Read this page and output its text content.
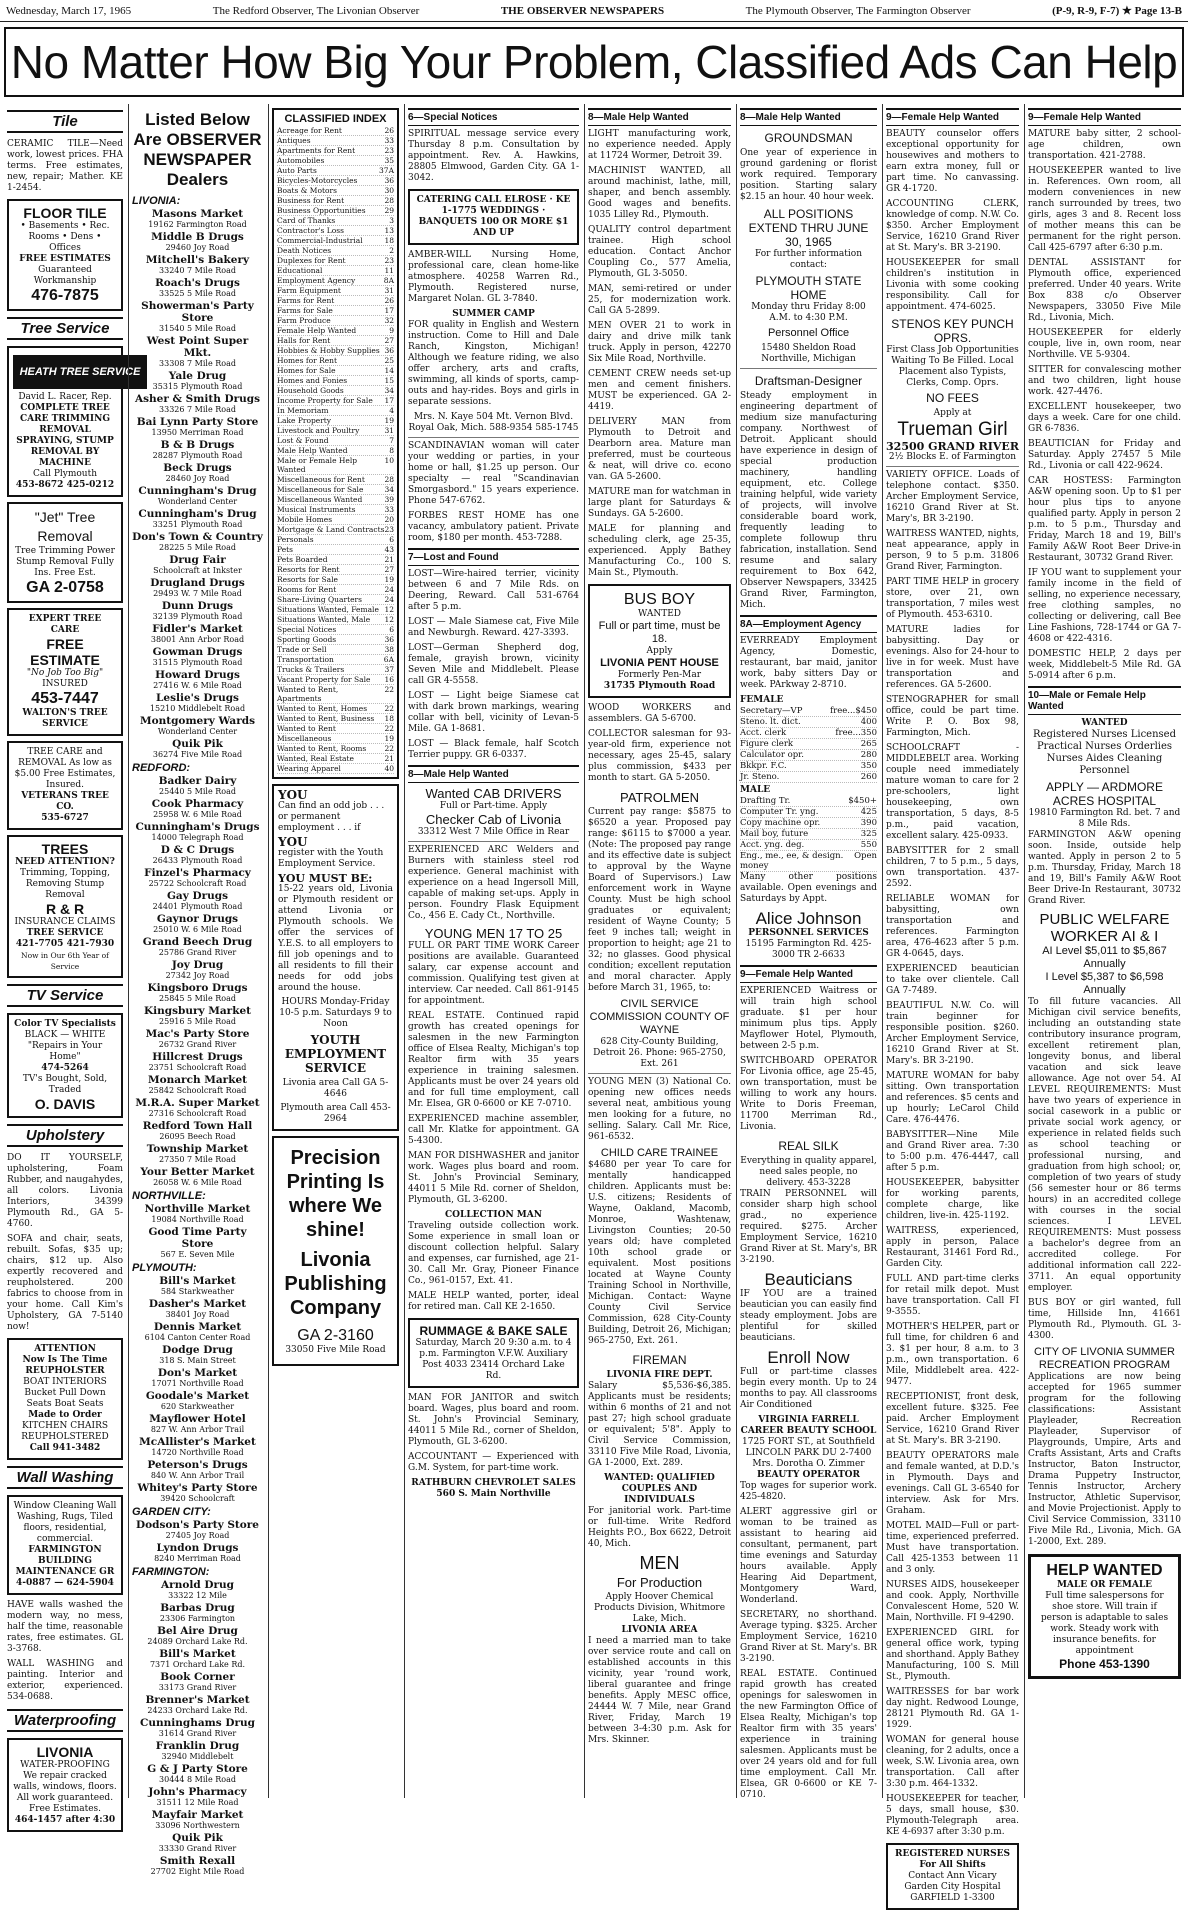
Wednesday, March 17, 1965	The Redford Observer, The Livonian Observer	THE OBSERVER NEWSPAPERS	The Plymouth Observer, The Farmington Observer	(P-9, R-9, F-7) ★ Page 13-B
No Matter How Big Your Problem, Classified Ads Can Help
Tile
CERAMIC TILE—Need work, lowest prices. FHA terms. Free estimates, new, repair; Mather. KE 1-2454.
FLOOR TILE
• Basements • Rec. Rooms • Dens • Offices
FREE ESTIMATES
Guaranteed Workmanship
476-7875
Tree Service
HEATH TREE SERVICE
David L. Racer, Rep.
COMPLETE TREE CARE TRIMMING REMOVAL SPRAYING, STUMP REMOVAL BY MACHINE
Call Plymouth
453-8672 425-0212
"Jet" Tree Removal
Tree Trimming Power Stump Removal Fully Ins. Free Est.
GA 2-0758
EXPERT TREE CARE
FREE ESTIMATE
"No Job Too Big"
INSURED
453-7447
WALTON'S TREE SERVICE
TREE CARE and REMOVAL As low as $5.00 Free Estimates, Insured.
VETERANS TREE CO.
535-6727
TREES
NEED ATTENTION?
Trimming, Topping, Removing Stump Removal
R & R
INSURANCE CLAIMS
TREE SERVICE
421-7705 421-7930
Now in Our 6th Year of Service
TV Service
Color TV Specialists
BLACK — WHITE "Repairs in Your Home"
474-5264
TV's Bought, Sold, Traded
O. DAVIS
Upholstery
DO IT YOURSELF, upholstering, Foam Rubber, and naugahydes, all colors. Livonia Interiors, 34399 Plymouth Rd., GA 5-4760.
SOFA and chair, seats, rebuilt. Sofas, $35 up; chairs, $12 up. Also expertly recovered and reupholstered. 200 fabrics to choose from in your home. Call Kim's Upholstery, GA 7-5140 now!
ATTENTION
Now Is The Time
REUPHOLSTER
BOAT INTERIORS
Bucket Pull Down Seats Boat Seats
Made to Order
KITCHEN CHAIRS REUPHOLSTERED
Call 941-3482
Wall Washing
Window Cleaning Wall Washing, Rugs, Tiled floors, residential, commercial.
FARMINGTON BUILDING MAINTENANCE GR 4-0887 — 624-5904
HAVE walls washed the modern way, no mess, half the time, reasonable rates, free estimates. GL 3-3768.
WALL WASHING and painting. Interior and exterior, experienced. 534-0688.
Waterproofing
LIVONIA
WATER-PROOFING
We repair cracked walls, windows, floors. All work guaranteed. Free Estimates.
464-1457 after 4:30
Listed Below Are OBSERVER NEWSPAPER Dealers
LIVONIA:
Masons Market
19162 Farmington Road
Middle B Drugs
29460 Joy Road
Mitchell's Bakery
33240 7 Mile Road
Roach's Drugs
33525 5 Mile Road
Showerman's Party Store
31540 5 Mile Road
West Point Super Mkt.
33308 7 Mile Road
Yale Drug
35315 Plymouth Road
Asher & Smith Drugs
33326 7 Mile Road
Bai Lynn Party Store
13950 Merriman Road
B & B Drugs
28287 Plymouth Road
Beck Drugs
28460 Joy Road
Cunningham's Drug
Wonderland Center
Cunningham's Drug
33251 Plymouth Road
Don's Town & Country
28225 5 Mile Road
Drug Fair
Schoolcraft at Inkster
Drugland Drugs
29493 W. 7 Mile Road
Dunn Drugs
32139 Plymouth Road
Fidler's Market
38001 Ann Arbor Road
Gowman Drugs
31515 Plymouth Road
Howard Drugs
27416 W. 6 Mile Road
Leslie's Drugs
15210 Middlebelt Road
Montgomery Wards
Wonderland Center
Quik Pik
36274 Five Mile Road
REDFORD:
Badker Dairy
25440 5 Mile Road
Cook Pharmacy
25958 W. 6 Mile Road
Cunningham's Drugs
14000 Telegraph Road
D & C Drugs
26433 Plymouth Road
Finzel's Pharmacy
25722 Schoolcraft Road
Gay Drugs
24401 Plymouth Road
Gaynor Drugs
25010 W. 6 Mile Road
Grand Beech Drug
25786 Grand River
Joy Drug
27342 Joy Road
Kingsboro Drugs
25845 5 Mile Road
Kingsbury Market
25916 5 Mile Road
Mac's Party Store
26732 Grand River
Hillcrest Drugs
23751 Schoolcraft Road
Monarch Market
25842 Schoolcraft Road
M.R.A. Super Market
27316 Schoolcraft Road
Redford Town Hall
26095 Beech Road
Township Market
27350 7 Mile Road
Your Better Market
26058 W. 6 Mile Road
NORTHVILLE:
Northville Market
19084 Northville Road
Good Time Party Store
567 E. Seven Mile
PLYMOUTH:
Bill's Market
584 Starkweather
Dasher's Market
38401 Joy Road
Dennis Market
6104 Canton Center Road
Dodge Drug
318 S. Main Street
Don's Market
17071 Northville Road
Goodale's Market
620 Starkweather
Mayflower Hotel
827 W. Ann Arbor Trail
McAllister's Market
14720 Northville Road
Peterson's Drugs
840 W. Ann Arbor Trail
Whitey's Party Store
39420 Schoolcraft
GARDEN CITY:
Dodson's Party Store
27405 Joy Road
Lyndon Drugs
8240 Merriman Road
FARMINGTON:
Arnold Drug
33322 12 Mile
Barbas Drug
23306 Farmington
Bel Aire Drug
24089 Orchard Lake Rd.
Bill's Market
7371 Orchard Lake Rd.
Book Corner
33173 Grand River
Brenner's Market
24233 Orchard Lake Rd.
Cunninghams Drug
31614 Grand River
Franklin Drug
32940 Middlebelt
G & J Party Store
30444 8 Mile Road
John's Pharmacy
31511 12 Mile Road
Mayfair Market
33096 Northwestern
Quik Pik
33330 Grand River
Smith Rexall
27702 Eight Mile Road
CLASSIFIED INDEX
Acreage for Rent	26
Antiques	33
Apartments for Rent	23
Automobiles	35
Auto Parts	37A
Bicycles-Motorcycles	36
Boats & Motors	30
Business for Rent	28
Business Opportunities	29
Card of Thanks	3
Contractor's Loss	13
Commercial-Industrial	18
Death Notices	2
Duplexes for Rent	23
Educational	11
Employment Agency	8A
Farm Equipment	31
Farms for Rent	26
Farms for Sale	17
Farm Produce	32
Female Help Wanted	9
Halls for Rent	27
Hobbies & Hobby Supplies 36
Homes for Rent	25
Homes for Sale	14
Homes and Fonies	15
Household Goods	34
Income Property for Sale 17
In Memoriam	4
Lake Property	19
Livestock and Poultry	31
Lost & Found	7
Male Help Wanted	8
Male or Female Help Wanted
10
Miscellaneous for Rent	28
Miscellaneous for Sale	34
Miscellaneous Wanted	39
Musical Instruments	33
Mobile Homes	20
Mortgage & Land Contracts 23
Personals	6
Pets	43
Pets Boarded	21
Resorts for Rent	27
Resorts for Sale	19
Rooms for Rent	24
Share-Living Quarters	24
Situations Wanted, Female 12
Situations Wanted, Male 12
Special Notices	6
Sporting Goods	36
Trade or Sell	38
Transportation	6A
Trucks & Trailers	37
Vacant Property for Sale 16
Wanted to Rent, Apartments
22
Wanted to Rent, Homes 22
Wanted to Rent, Business 18
Wanted to Rent	22
Miscellaneous	19
Wanted to Rent, Rooms 22
Wanted, Real Estate	21
Wearing Apparel	40
YOU
Can find an odd job . . . or permanent employment . . . if
YOU
register with the Youth Employment Service.
YOU MUST BE:
15-22 years old, Livonia or Plymouth resident or attend Livonia or Plymouth schools. We offer the services of Y.E.S. to all employers to fill job openings and to all residents to fill their needs for odd jobs around the house.
HOURS Monday-Friday 10-5 p.m. Saturdays 9 to Noon
YOUTH EMPLOYMENT SERVICE
Livonia area Call GA 5-4646
Plymouth area Call 453-2964
Precision Printing Is where We shine!
Livonia Publishing Company
GA 2-3160
33050 Five Mile Road
6—Special Notices
SPIRITUAL message service every Thursday 8 p.m. Consultation by appointment. Rev. A. Hawkins, 28805 Elmwood, Garden City. GA 1-3042.
CATERING CALL ELROSE · KE 1-1775 WEDDINGS · BANQUETS 100 OR MORE $1 AND UP
AMBER-WILL Nursing Home, professional care, clean home-like atmosphere. 40258 Warren Rd., Plymouth. Registered nurse, Margaret Nolan. GL 3-7840.
SUMMER CAMP
FOR quality in English and Western instruction. Come to Hill and Dale Ranch, Kingston, Michigan! Although we feature riding, we also offer archery, arts and crafts, swimming, all kinds of sports, camp-outs and hay-rides. Boys and girls in separate sessions.
Mrs. N. Kaye 504 Mt. Vernon Blvd. Royal Oak, Mich. 588-9354 585-1745
SCANDINAVIAN woman will cater your wedding or parties, in your home or hall, $1.25 up person. Our specialty — real "Scandinavian Smorgasbord." 15 years experience. Phone 547-6762.
FORBES REST HOME has one vacancy, ambulatory patient. Private room, $180 per month. 453-7288.
7—Lost and Found
LOST—Wire-haired terrier, vicinity between 6 and 7 Mile Rds. on Deering, Reward. Call 531-6764 after 5 p.m.
LOST — Male Siamese cat, Five Mile and Newburgh. Reward. 427-3393.
LOST—German Shepherd dog, female, grayish brown, vicinity Seven Mile and Middlebelt. Please call GR 4-5558.
LOST — Light beige Siamese cat with dark brown markings, wearing collar with bell, vicinity of Levan-5 Mile. GA 1-8681.
LOST — Black female, half Scotch Terrier puppy. GR 6-0337.
8—Male Help Wanted
Wanted CAB DRIVERS
Full or Part-time. Apply
Checker Cab of Livonia
33312 West 7 Mile Office in Rear
EXPERIENCED ARC Welders and Burners with stainless steel rod experience. General machinist with experience on a head Ingersoll Mill, capable of making set-ups. Apply in person. Foundry Flask Equipment Co., 456 E. Cady Ct., Northville.
YOUNG MEN 17 TO 25
FULL OR PART TIME WORK Career positions are available. Guaranteed salary, car expense account and commission. Qualifying test given at interview. Car needed. Call 861-9145 for appointment.
REAL ESTATE. Continued rapid growth has created openings for salesmen in the new Farmington office of Elsea Realty, Michigan's top Realtor firm with 35 years experience in training salesmen. Applicants must be over 24 years old and for full time employment, call Mr. Elsea, GR 0-6600 or KE 7-0710.
EXPERIENCED machine assembler, call Mr. Klatke for appointment. GA 5-4300.
MAN FOR DISHWASHER and janitor work. Wages plus board and room. St. John's Provincial Seminary, 44011 5 Mile Rd. corner of Sheldon, Plymouth, GL 3-6200.
COLLECTION MAN
Traveling outside collection work. Some experience in small loan or discount collection helpful. Salary and expenses, car furnished, age 21-30. Call Mr. Gray, Pioneer Finance Co., 961-0157, Ext. 41.
MALE HELP wanted, porter, ideal for retired man. Call KE 2-1650.
RUMMAGE & BAKE SALE
Saturday, March 20 9:30 a.m. to 4 p.m. Farmington V.F.W. Auxiliary Post 4033 23414 Orchard Lake Rd.
MAN FOR JANITOR and switch board. Wages, plus board and room. St. John's Provincial Seminary, 44011 5 Mile Rd., corner of Sheldon, Plymouth, GL 3-6200.
ACCOUNTANT — Experienced with G.M. System, for part-time work.
RATHBURN CHEVROLET SALES 560 S. Main Northville
8—Male Help Wanted
LIGHT manufacturing work, no experience needed. Apply at 11724 Wormer, Detroit 39.
MACHINIST WANTED, all around machinist, lathe, mill, shaper, and bench assembly. Good wages and benefits. 1035 Lilley Rd., Plymouth.
QUALITY control department trainee. High school education. Contact Anchor Coupling Co., 577 Amelia, Plymouth, GL 3-5050.
MAN, semi-retired or under 25, for modernization work. Call GA 5-2899.
MEN OVER 21 to work in dairy and drive milk tank truck. Apply in person, 42270 Six Mile Road, Northville.
CEMENT CREW needs set-up men and cement finishers. MUST be experienced. GA 2-4419.
DELIVERY MAN from Plymouth to Detroit and Dearborn area. Mature man preferred, must be courteous & neat, will drive co. econo van. GA 5-2600.
MATURE man for watchman in large plant for Saturdays & Sundays. GA 5-2600.
MALE for planning and scheduling clerk, age 25-35, experienced. Apply Bathey Manufacturing Co., 100 S. Main St., Plymouth.
BUS BOY
WANTED
Full or part time, must be 18.
Apply
LIVONIA PENT HOUSE
Formerly Pen-Mar
31735 Plymouth Road
WOOD WORKERS and assemblers. GA 5-6700.
COLLECTOR salesman for 93-year-old firm, experience not necessary, ages 25-45, salary plus commission, $433 per month to start. GA 5-2050.
PATROLMEN
Current pay range: $5875 to $6520 a year. Proposed pay range: $6115 to $7000 a year. (Note: The proposed pay range and its effective date is subject to approval by the Wayne Board of Supervisors.) Law enforcement work in Wayne County. Must be high school graduates or equivalent; resident of Wayne County; 5 feet 9 inches tall; weight in proportion to height; age 21 to 32; no glasses. Good physical condition; excellent reputation and moral character. Apply before March 31, 1965, to:
CIVIL SERVICE COMMISSION COUNTY OF WAYNE
628 City-County Building, Detroit 26. Phone: 965-2750, Ext. 261
YOUNG MEN (3) National Co. opening new offices needs several neat, ambitious young men looking for a future, no selling. Salary. Call Mr. Rice, 961-6532.
CHILD CARE TRAINEE
$4680 per year To care for mentally handicapped children. Applicants must be: U.S. citizens; Residents of Wayne, Oakland, Macomb, Monroe, Washtenaw, Livingston Counties; 20-50 years old; have completed 10th school grade or equivalent. Most positions located at Wayne County Training School in Northville, Michigan. Contact: Wayne County Civil Service Commission, 628 City-County Building, Detroit 26, Michigan; 965-2750, Ext. 261.
FIREMAN
LIVONIA FIRE DEPT.
Salary $5,536-$6,385. Applicants must be residents; within 6 months of 21 and not past 27; high school graduate or equivalent; 5'8". Apply to Civil Service Commission, 33110 Five Mile Road, Livonia, GA 1-2000, Ext. 289.
WANTED: QUALIFIED COUPLES AND INDIVIDUALS
For janitorial work. Part-time or full-time. Write Redford Heights P.O., Box 6622, Detroit 40, Mich.
MEN
For Production
Apply Hoover Chemical Products Division, Whitmore Lake, Mich.
LIVONIA AREA
I need a married man to take over service route and call on established accounts in this vicinity, year 'round work, liberal guarantee and fringe benefits. Apply MESC office, 24444 W. 7 Mile, near Grand River, Friday, March 19 between 3-4:30 p.m. Ask for Mrs. Skinner.
8—Male Help Wanted
GROUNDSMAN
One year of experience in ground gardening or florist work required. Temporary position. Starting salary $2.15 an hour. 40 hour week.
ALL POSITIONS EXTEND THRU JUNE 30, 1965
For further information contact:
PLYMOUTH STATE HOME
Monday thru Friday 8:00 A.M. to 4:30 P.M.
Personnel Office
15480 Sheldon Road Northville, Michigan
Draftsman-Designer
Steady employment in engineering department of medium size manufacturing company. Northwest of Detroit. Applicant should have experience in design of special production machinery, handling equipment, etc. College training helpful, wide variety of projects, will involve considerable board work, frequently leading to complete followup thru fabrication, installation. Send resume and salary requirement to Box 642, Observer Newspapers, 33425 Grand River, Farmington, Mich.
8A—Employment Agency
EVERREADY Employment Agency, Domestic, restaurant, bar maid, janitor work, baby sitters Day or week. PArkway 2-8710.
FEMALE
Secretary—VP	free...$450
Steno. lt. dict.	400
Acct. clerk	free...350
Figure clerk	265
Calculator opr.	280
Bkkpr. F.C.	350
Jr. Steno.	260
MALE
Drafting Tr.	$450+
Computer Tr. yng.	425
Copy machine opr.	390
Mail boy, future	325
Acct. yng. deg.	550
Eng., me., ee, & design. money
Open
Many other positions available. Open evenings and Saturdays by Appt.
Alice Johnson
PERSONNEL SERVICES
15195 Farmington Rd. 425-3000 TR 2-6633
9—Female Help Wanted
EXPERIENCED Waitress or will train high school graduate. $1 per hour minimum plus tips. Apply Mayflower Hotel, Plymouth, between 2-5 p.m.
SWITCHBOARD OPERATOR For Livonia office, age 25-45, own transportation, must be willing to work any hours. Write to Doris Freeman, 11700 Merriman Rd., Livonia.
REAL SILK
Everything in quality apparel, need sales people, no delivery. 453-3228
TRAIN PERSONNEL will consider sharp high school grad., no experience required. $275. Archer Employment Service, 16210 Grand River at St. Mary's, BR 3-2190.
Beauticians
IF YOU are a trained beautician you can easily find steady employment. Jobs are plentiful for skilled beauticians.
Enroll Now
Full or part-time classes begin every month. Up to 24 months to pay. All classrooms Air Conditioned
VIRGINIA FARRELL CAREER BEAUTY SCHOOL
1725 FORT ST., at Southfield LINCOLN PARK DU 2-7400 Mrs. Dorotha O. Zimmer
BEAUTY OPERATOR
Top wages for superior work. 425-4820.
ALERT aggressive girl or woman to be trained as assistant to hearing aid consultant, permanent, part time evenings and Saturday hours available. Apply Hearing Aid Department, Montgomery Ward, Wonderland.
SECRETARY, no shorthand. Average typing. $325. Archer Employment Service, 16210 Grand River at St. Mary's. BR 3-2190.
REAL ESTATE. Continued rapid growth has created openings for saleswomen in the new Farmington Office of Elsea Realty, Michigan's top Realtor firm with 35 years' experience in training salesmen. Applicants must be over 24 years old and for full time employment. Call Mr. Elsea, GR 0-6600 or KE 7-0710.
9—Female Help Wanted
BEAUTY counselor offers exceptional opportunity for housewives and mothers to earn extra money, full or part time. No canvassing. GR 4-1720.
ACCOUNTING CLERK, knowledge of comp. N.W. Co. $350. Archer Employment Service, 16210 Grand River at St. Mary's. BR 3-2190.
HOUSEKEEPER for small children's institution in Livonia with some cooking responsibility. Call for appointment. 474-6025.
STENOS KEY PUNCH OPRS.
First Class Job Opportunities Waiting To Be Filled. Local Placement also Typists, Clerks, Comp. Oprs.
NO FEES
Apply at
Trueman Girl
32500 GRAND RIVER
2½ Blocks E. of Farmington
VARIETY OFFICE. Loads of telephone contact. $350. Archer Employment Service, 16210 Grand River at St. Mary's, BR 3-2190.
WAITRESS WANTED, nights, neat appearance, apply in person, 9 to 5 p.m. 31806 Grand River, Farmington.
PART TIME HELP in grocery store, over 21, own transportation, 7 miles west of Plymouth. 453-6310.
MATURE ladies for babysitting. Day or evenings. Also for 24-hour to live in for week. Must have transportation and references. GA 5-2600.
STENOGRAPHER for small office, could be part time. Write P. O. Box 98, Farmington, Mich.
SCHOOLCRAFT - MIDDLEBELT area. Working couple need immediately mature woman to care for 2 pre-schoolers, light housekeeping, own transportation, 5 days, 8-5 p.m., paid vacation, excellent salary. 425-0933.
BABYSITTER for 2 small children, 7 to 5 p.m., 5 days, own transportation. 437-2592.
RELIABLE WOMAN for babysitting, own transportation and references. Farmington area, 476-4623 after 5 p.m. GR 4-0645, days.
EXPERIENCED beautician to take over clientele. Call GA 7-7489.
BEAUTIFUL N.W. Co. will train beginner for responsible position. $260. Archer Employment Service, 16210 Grand River at St. Mary's. BR 3-2190.
MATURE WOMAN for baby sitting. Own transportation and references. $5 cents and up hourly; LeCarol Child Care. 476-4476.
BABYSITTER—Nine Mile and Grand River area. 7:30 to 5:00 p.m. 476-4447, call after 5 p.m.
HOUSEKEEPER, babysitter for working parents, complete charge, like children, live-in. 425-1192.
WAITRESS, experienced, apply in person, Palace Restaurant, 31461 Ford Rd., Garden City.
FULL AND part-time clerks for retail milk depot. Must have transportation. Call FI 9-3555.
MOTHER'S HELPER, part or full time, for children 6 and 3. $1 per hour, 8 a.m. to 3 p.m., own transportation. 6 Mile, Middlebelt area. 422-9477.
RECEPTIONIST, front desk, excellent future. $325. Fee paid. Archer Employment Service, 16210 Grand River at St. Mary's. BR 3-2190.
BEAUTY OPERATORS male and female wanted, at D.D.'s in Plymouth. Days and evenings. Call GL 3-6540 for interview. Ask for Mrs. Graham.
MOTEL MAID—Full or part-time, experienced preferred. Must have transportation. Call 425-1353 between 11 and 3 only.
NURSES AIDS, housekeeper and cook. Apply, Northville Convalescent Home, 520 W. Main, Northville. FI 9-4290.
EXPERIENCED GIRL for general office work, typing and shorthand. Apply Bathey Manufacturing, 100 S. Mill St., Plymouth.
WAITRESSES for bar work day night. Redwood Lounge, 28121 Plymouth Rd. GA 1-1929.
WOMAN for general house cleaning, for 2 adults, once a week, S.W. Livonia area, own transportation. Call after 3:30 p.m. 464-1332.
HOUSEKEEPER for teacher, 5 days, small house, $30. Plymouth-Telegraph area. KE 4-6937 after 3:30 p.m.
REGISTERED NURSES For All Shifts
Contact Ann Vicary Garden City Hospital GARFIELD 1-3300
9—Female Help Wanted
MATURE baby sitter, 2 school-age children, own transportation. 421-2788.
HOUSEKEEPER wanted to live in. References. Own room, all modern conveniences in new ranch surrounded by trees, two girls, ages 3 and 8. Recent loss of mother means this can be permanent for the right person. Call 425-6797 after 6:30 p.m.
DENTAL ASSISTANT for Plymouth office, experienced preferred. Under 40 years. Write Box 838 c/o Observer Newspapers, 33050 Five Mile Rd., Livonia, Mich.
HOUSEKEEPER for elderly couple, live in, own room, near Northville. VE 5-9304.
SITTER for convalescing mother and two children, light house work. 427-4476.
EXCELLENT housekeeper, two days a week. Care for one child. GR 6-7836.
BEAUTICIAN for Friday and Saturday. Apply 27457 5 Mile Rd., Livonia or call 422-9624.
CAR HOSTESS: Farmington A&W opening soon. Up to $1 per hour plus tips to anyone qualified party. Apply in person 2 p.m. to 5 p.m., Thursday and Friday, March 18 and 19, Bill's Family A&W Root Beer Drive-in Restaurant, 30732 Grand River.
IF YOU want to supplement your family income in the field of selling, no experience necessary, free clothing samples, no collecting or delivering, call Bee Line Fashions, 728-1744 or GA 7-4608 or 422-4316.
DOMESTIC HELP, 2 days per week, Middlebelt-5 Mile Rd. GA 5-0914 after 6 p.m.
10—Male or Female Help Wanted
WANTED
Registered Nurses Licensed Practical Nurses Orderlies Nurses Aides Cleaning Personnel
APPLY — ARDMORE ACRES HOSPITAL
19810 Farmington Rd. bet. 7 and 8 Mile Rds.
FARMINGTON A&W opening soon. Inside, outside help wanted. Apply in person 2 to 5 p.m. Thursday, Friday, March 18 and 19, Bill's Family A&W Root Beer Drive-In Restaurant, 30732 Grand River.
PUBLIC WELFARE WORKER AI & I
AI Level $5,011 to $5,867 Annually
I Level $5,387 to $6,598 Annually
To fill future vacancies. All Michigan civil service benefits, including an outstanding state contributory insurance program, excellent retirement plan, longevity bonus, and liberal vacation and sick leave allowance. Age not over 54. AI LEVEL REQUIREMENTS: Must have two years of experience in social casework in a public or private social work agency, or experience in related fields such as school teaching or professional nursing, and graduation from high school; or, completion of two years of study (56 semester hour or 86 terms hours) in an accredited college with courses in the social sciences. I LEVEL REQUIREMENTS: Must possess a bachelor's degree from an accredited college. For additional information call 222-3711. An equal opportunity employer.
BUS BOY or girl wanted, full time, Hillside Inn, 41661 Plymouth Rd., Plymouth. GL 3-4300.
CITY OF LIVONIA SUMMER RECREATION PROGRAM
Applications are now being accepted for 1965 summer program for the following classifications: Assistant Playleader, Recreation Playleader, Supervisor of Playgrounds, Umpire, Arts and Crafts Assistant, Arts and Crafts Instructor, Baton Instructor, Drama Puppetry Instructor, Tennis Instructor, Archery Instructor, Athletic Supervisor, and Movie Projectionist. Apply to Civil Service Commission, 33110 Five Mile Rd., Livonia, Mich. GA 1-2000, Ext. 289.
HELP WANTED
MALE OR FEMALE
Full time salespersons for shoe store. Will train if person is adaptable to sales work. Steady work with insurance benefits. for appointment
Phone 453-1390
